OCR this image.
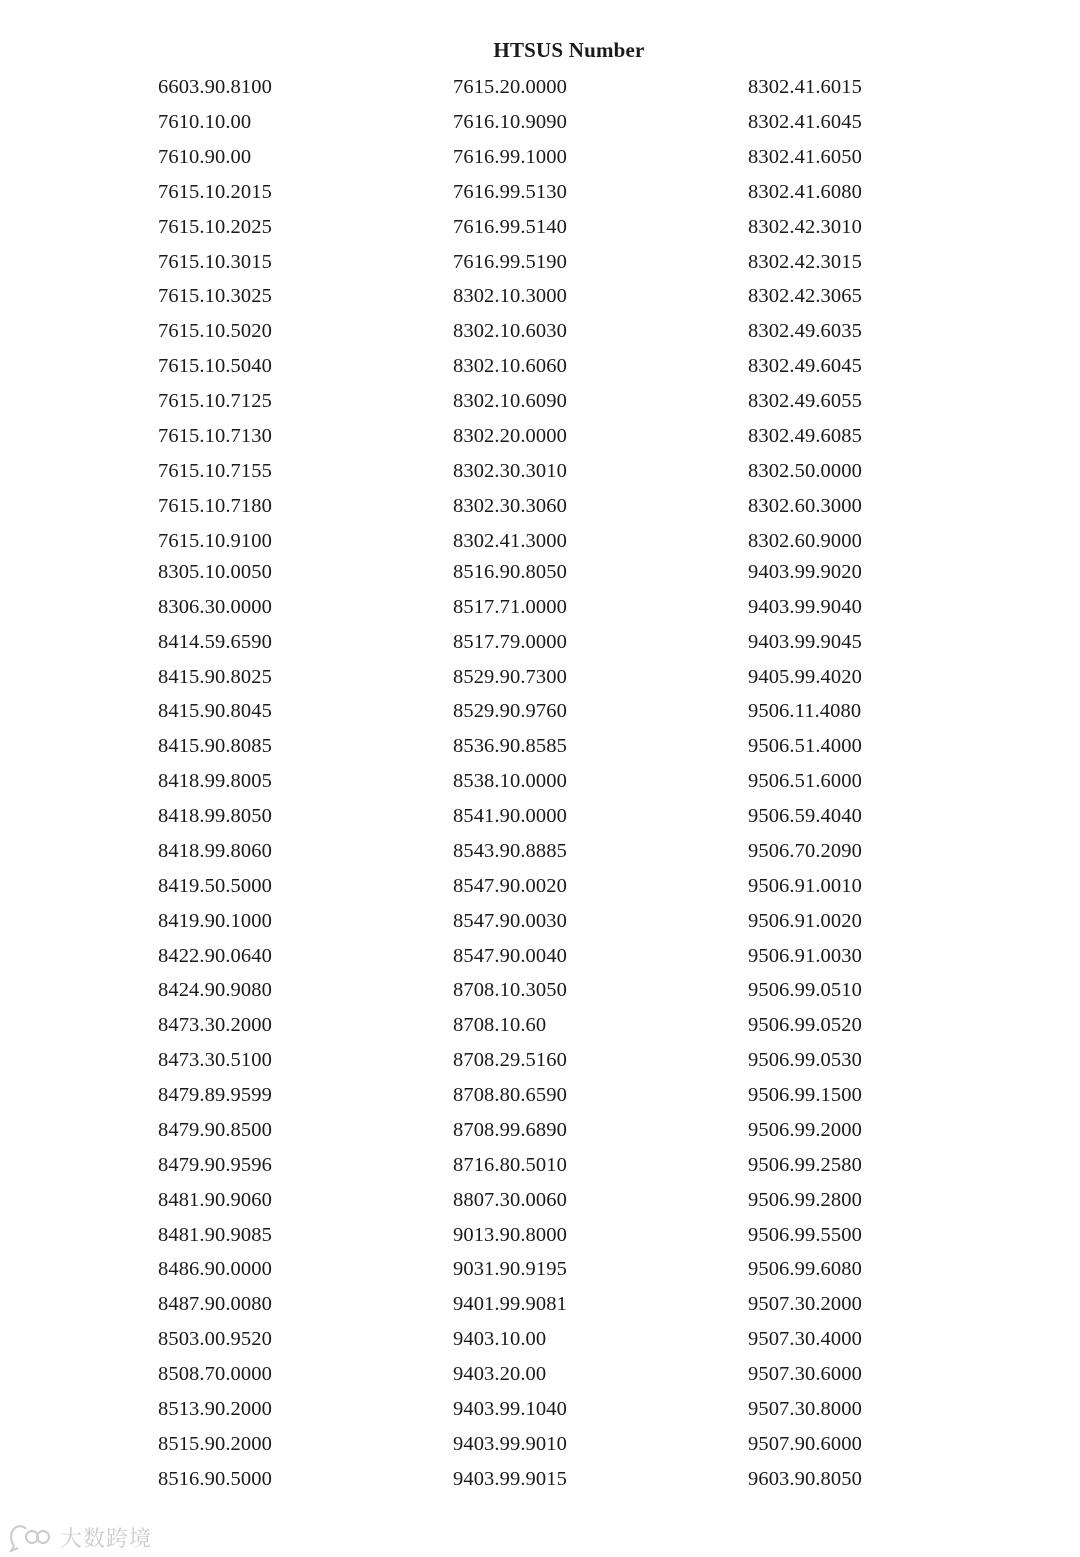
HTSUS Number
6603.90.8100
7610.10.00
7610.90.00
7615.10.2015
7615.10.2025
7615.10.3015
7615.10.3025
7615.10.5020
7615.10.5040
7615.10.7125
7615.10.7130
7615.10.7155
7615.10.7180
7615.10.9100
8305.10.0050
8306.30.0000
8414.59.6590
8415.90.8025
8415.90.8045
8415.90.8085
8418.99.8005
8418.99.8050
8418.99.8060
8419.50.5000
8419.90.1000
8422.90.0640
8424.90.9080
8473.30.2000
8473.30.5100
8479.89.9599
8479.90.8500
8479.90.9596
8481.90.9060
8481.90.9085
8486.90.0000
8487.90.0080
8503.00.9520
8508.70.0000
8513.90.2000
8515.90.2000
8516.90.5000
7615.20.0000
7616.10.9090
7616.99.1000
7616.99.5130
7616.99.5140
7616.99.5190
8302.10.3000
8302.10.6030
8302.10.6060
8302.10.6090
8302.20.0000
8302.30.3010
8302.30.3060
8302.41.3000
8516.90.8050
8517.71.0000
8517.79.0000
8529.90.7300
8529.90.9760
8536.90.8585
8538.10.0000
8541.90.0000
8543.90.8885
8547.90.0020
8547.90.0030
8547.90.0040
8708.10.3050
8708.10.60
8708.29.5160
8708.80.6590
8708.99.6890
8716.80.5010
8807.30.0060
9013.90.8000
9031.90.9195
9401.99.9081
9403.10.00
9403.20.00
9403.99.1040
9403.99.9010
9403.99.9015
8302.41.6015
8302.41.6045
8302.41.6050
8302.41.6080
8302.42.3010
8302.42.3015
8302.42.3065
8302.49.6035
8302.49.6045
8302.49.6055
8302.49.6085
8302.50.0000
8302.60.3000
8302.60.9000
9403.99.9020
9403.99.9040
9403.99.9045
9405.99.4020
9506.11.4080
9506.51.4000
9506.51.6000
9506.59.4040
9506.70.2090
9506.91.0010
9506.91.0020
9506.91.0030
9506.99.0510
9506.99.0520
9506.99.0530
9506.99.1500
9506.99.2000
9506.99.2580
9506.99.2800
9506.99.5500
9506.99.6080
9507.30.2000
9507.30.4000
9507.30.6000
9507.30.8000
9507.90.6000
9603.90.8050
大数跨境
